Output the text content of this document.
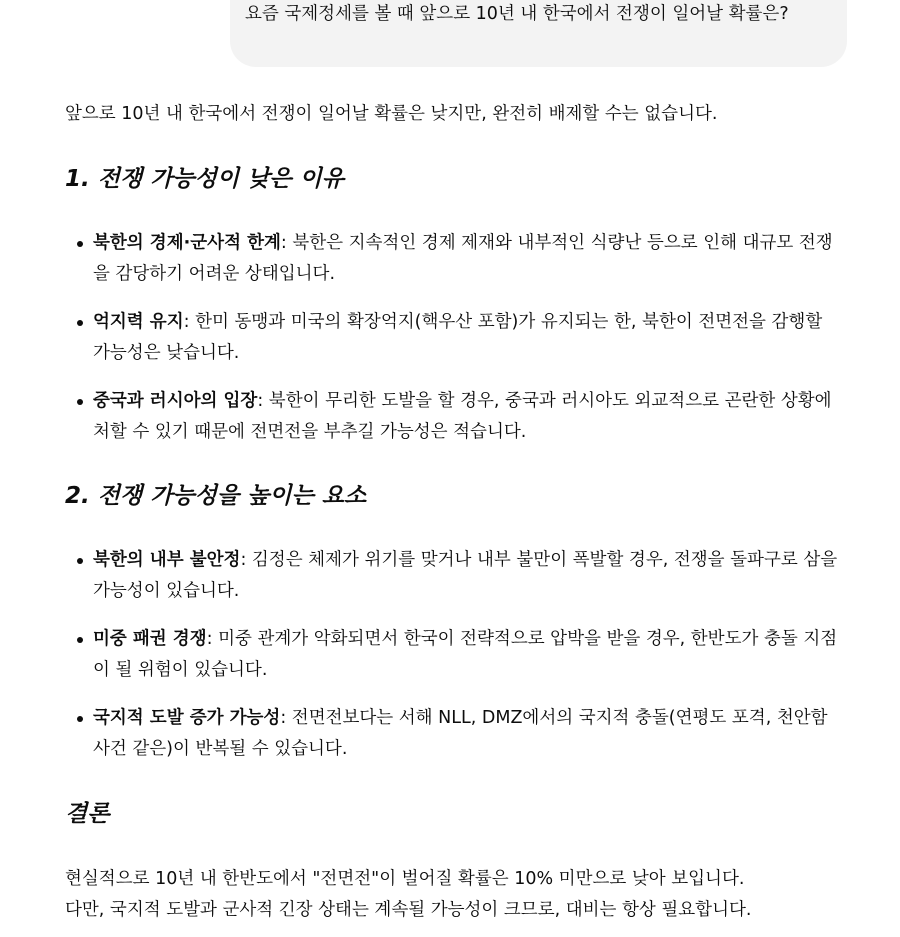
요즘 국제정세를 볼 때 앞으로 10년 내 한국에서 전쟁이 일어날 확률은?

앞으로 10년 내 한국에서 전쟁이 일어날 확률은 낮지만, 완전히 배제할 수는 없습니다.

1. 전쟁 가능성이 낮은 이유
북한의 경제·군사적 한계: 북한은 지속적인 경제 제재와 내부적인 식량난 등으로 인해 대규모 전쟁을 감당하기 어려운 상태입니다.
억지력 유지: 한미 동맹과 미국의 확장억지(핵우산 포함)가 유지되는 한, 북한이 전면전을 감행할 가능성은 낮습니다.
중국과 러시아의 입장: 북한이 무리한 도발을 할 경우, 중국과 러시아도 외교적으로 곤란한 상황에 처할 수 있기 때문에 전면전을 부추길 가능성은 적습니다.
2. 전쟁 가능성을 높이는 요소
북한의 내부 불안정: 김정은 체제가 위기를 맞거나 내부 불만이 폭발할 경우, 전쟁을 돌파구로 삼을 가능성이 있습니다.
미중 패권 경쟁: 미중 관계가 악화되면서 한국이 전략적으로 압박을 받을 경우, 한반도가 충돌 지점이 될 위험이 있습니다.
국지적 도발 증가 가능성: 전면전보다는 서해 NLL, DMZ에서의 국지적 충돌(연평도 포격, 천안함 사건 같은)이 반복될 수 있습니다.
결론

현실적으로 10년 내 한반도에서 "전면전"이 벌어질 확률은 10% 미만으로 낮아 보입니다.

다만, 국지적 도발과 군사적 긴장 상태는 계속될 가능성이 크므로, 대비는 항상 필요합니다.
